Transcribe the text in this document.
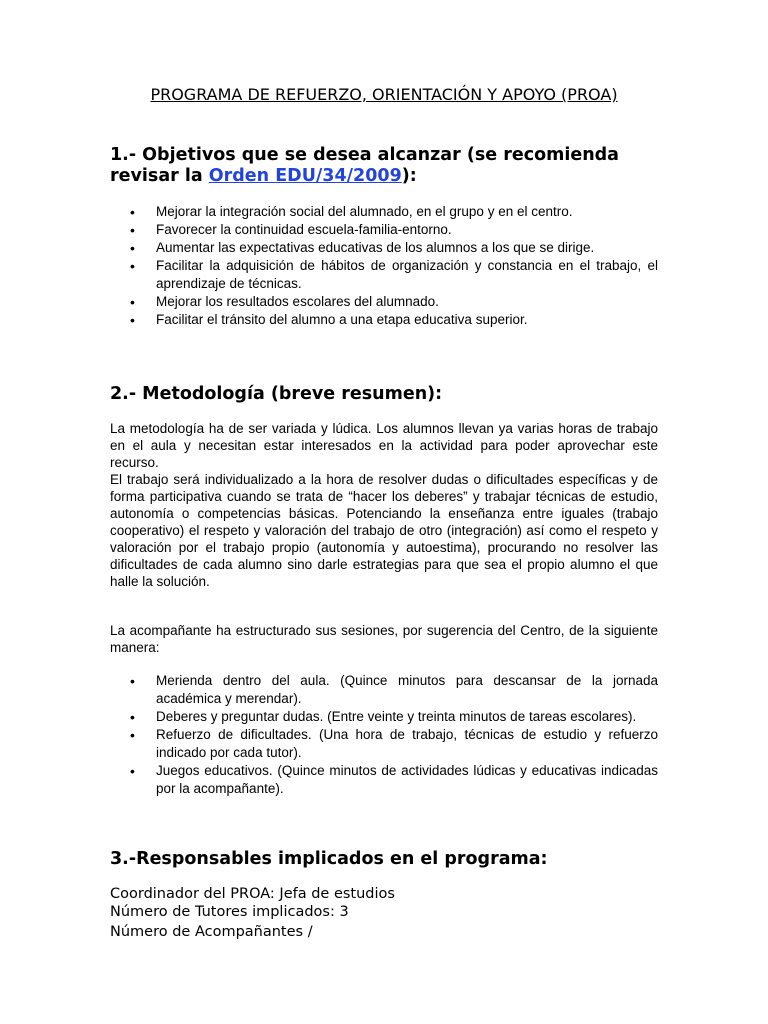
PROGRAMA DE REFUERZO, ORIENTACIÓN Y APOYO (PROA)
1.- Objetivos que se desea alcanzar (se recomienda revisar la Orden EDU/34/2009):
• Mejorar la integración social del alumnado, en el grupo y en el centro.
• Favorecer la continuidad escuela-familia-entorno.
• Aumentar las expectativas educativas de los alumnos a los que se dirige.
• Facilitar la adquisición de hábitos de organización y constancia en el trabajo, el aprendizaje de técnicas.
• Mejorar los resultados escolares del alumnado.
• Facilitar el tránsito del alumno a una etapa educativa superior.
2.- Metodología (breve resumen):
La metodología ha de ser variada y lúdica. Los alumnos llevan ya varias horas de trabajo en el aula y necesitan estar interesados en la actividad para poder aprovechar este recurso.
El trabajo será individualizado a la hora de resolver dudas o dificultades específicas y de forma participativa cuando se trata de “hacer los deberes” y trabajar técnicas de estudio, autonomía o competencias básicas. Potenciando la enseñanza entre iguales (trabajo cooperativo) el respeto y valoración del trabajo de otro (integración) así como el respeto y valoración por el trabajo propio (autonomía y autoestima), procurando no resolver las dificultades de cada alumno sino darle estrategias para que sea el propio alumno el que halle la solución.
La acompañante ha estructurado sus sesiones, por sugerencia del Centro, de la siguiente manera:
• Merienda dentro del aula. (Quince minutos para descansar de la jornada académica y merendar).
• Deberes y preguntar dudas. (Entre veinte y treinta minutos de tareas escolares).
• Refuerzo de dificultades. (Una hora de trabajo, técnicas de estudio y refuerzo indicado por cada tutor).
• Juegos educativos. (Quince minutos de actividades lúdicas y educativas indicadas por la acompañante).
3.-Responsables implicados en el programa:
Coordinador del PROA: Jefa de estudios
Número de Tutores implicados: 3
Número de Acompañantes /
